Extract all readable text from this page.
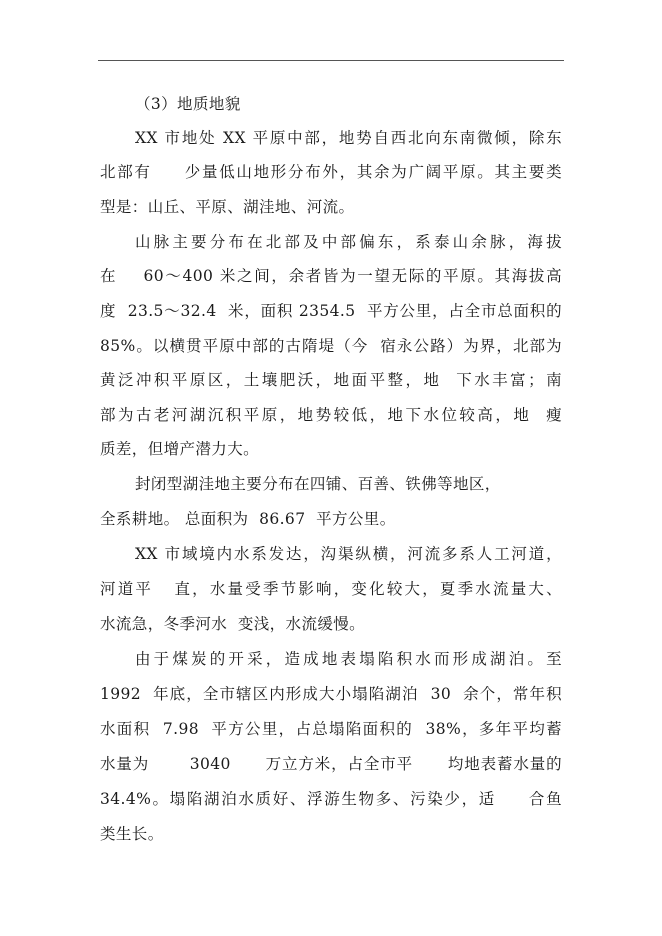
（3）地质地貌
XX 市地处 XX 平原中部，地势自西北向东南微倾，除东
北部有     少量低山地形分布外，其余为广阔平原。其主要类
型是：山丘、平原、湖洼地、河流。
山脉主要分布在北部及中部偏东，系泰山余脉，海拔
在    60～400 米之间，余者皆为一望无际的平原。其海拔高
度  23.5～32.4  米，面积 2354.5  平方公里，占全市总面积的
85%。以横贯平原中部的古隋堤（今  宿永公路）为界，北部为
黄泛冲积平原区，土壤肥沃，地面平整，地  下水丰富；南
部为古老河湖沉积平原，地势较低，地下水位较高，地  瘦
质差，但增产潜力大。
封闭型湖洼地主要分布在四铺、百善、铁佛等地区，
全系耕地。 总面积为  86.67  平方公里。
XX 市域境内水系发达，沟渠纵横，河流多系人工河道，
河道平   直，水量受季节影响，变化较大，夏季水流量大、
水流急，冬季河水  变浅，水流缓慢。
由于煤炭的开采，造成地表塌陷积水而形成湖泊。至
1992  年底，全市辖区内形成大小塌陷湖泊  30  余个，常年积
水面积  7.98  平方公里，占总塌陷面积的  38%，多年平均蓄
水量为       3040      万立方米，占全市平      均地表蓄水量的
34.4%。塌陷湖泊水质好、浮游生物多、污染少，适     合鱼
类生长。
